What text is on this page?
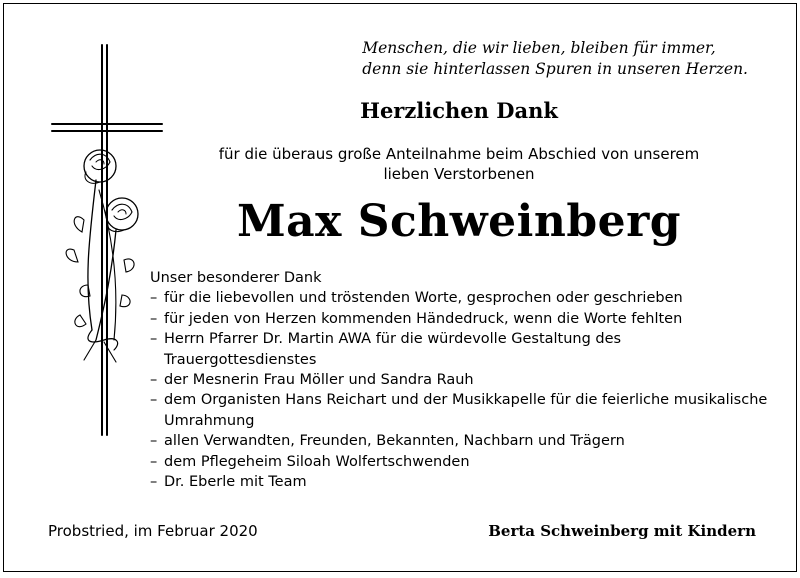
Menschen, die wir lieben, bleiben für immer,
denn sie hinterlassen Spuren in unseren Herzen.
Herzlichen Dank
für die überaus große Anteilnahme beim Abschied von unserem
lieben Verstorbenen
Max Schweinberg
Unser besonderer Dank
– für die liebevollen und tröstenden Worte, gesprochen oder geschrieben
– für jeden von Herzen kommenden Händedruck, wenn die Worte fehlten
– Herrn Pfarrer Dr. Martin AWA für die würdevolle Gestaltung des Trauergottesdienstes
– der Mesnerin Frau Möller und Sandra Rauh
– dem Organisten Hans Reichart und der Musikkapelle für die feierliche musikalische Umrahmung
– allen Verwandten, Freunden, Bekannten, Nachbarn und Trägern
– dem Pflegeheim Siloah Wolfertschwenden
– Dr. Eberle mit Team
Probstried, im Februar 2020	Berta Schweinberg mit Kindern
